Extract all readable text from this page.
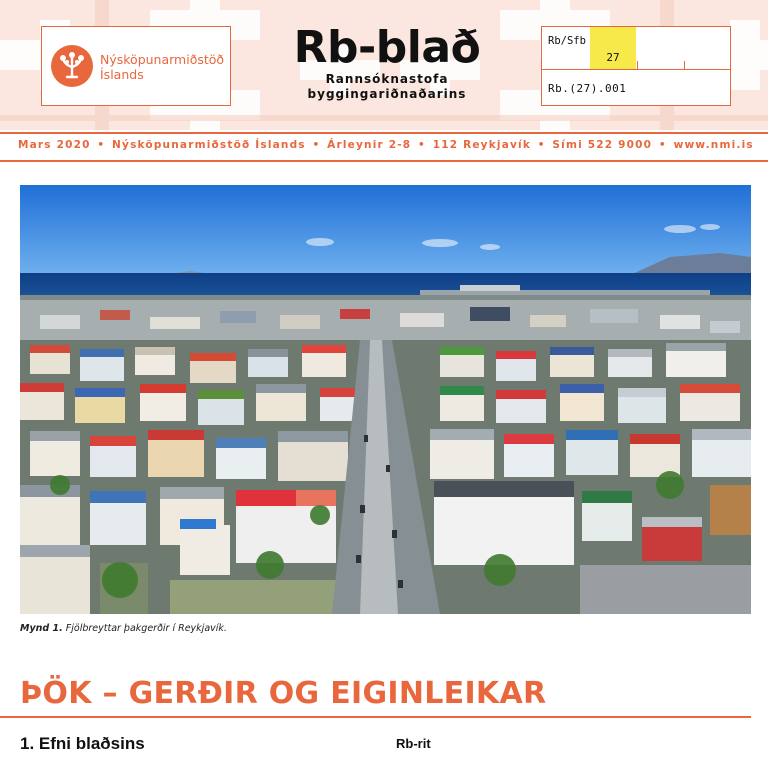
Nýsköpunarmiðstöð
Íslands
Rb-blað
Rannsóknastofa
byggingariðnaðarins
Rb/Sfb
27
Rb.(27).001
Mars 2020 • Nýsköpunarmiðstöð Íslands • Árleynir 2-8 • 112 Reykjavík • Sími 522 9000 • www.nmi.is
Mynd 1. Fjölbreyttar þakgerðir í Reykjavík.
ÞÖK – GERÐIR OG EIGINLEIKAR
1. Efni blaðsins	Rb-rit
